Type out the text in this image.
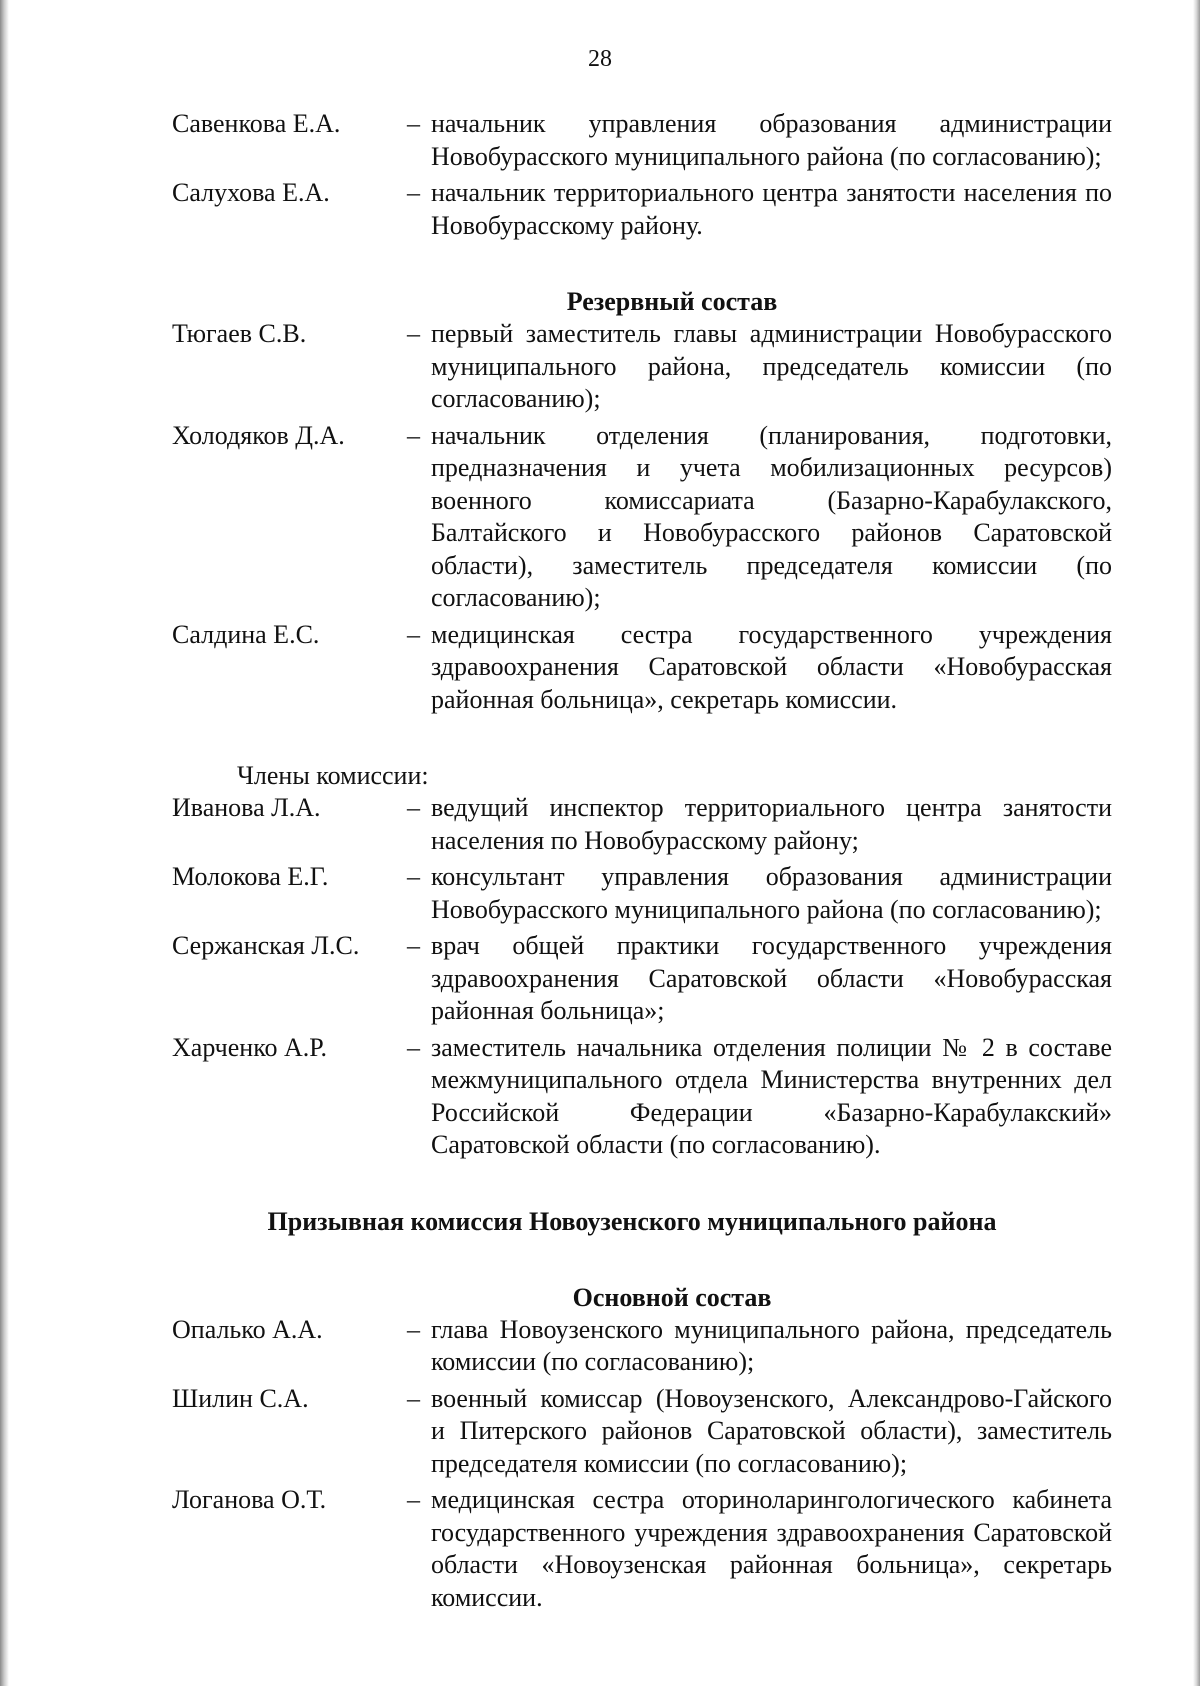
28
Савенкова Е.А.	– начальник управления образования администрации Новобурасского муниципального района (по согласованию);
Салухова Е.А.	– начальник территориального центра занятости населения по Новобурасскому району.
Резервный состав
Тюгаев С.В.	– первый заместитель главы администрации Новобурасского муниципального района, председатель комиссии (по согласованию);
Холодяков Д.А.	– начальник отделения (планирования, подготовки, предназначения и учета мобилизационных ресурсов) военного комиссариата (Базарно-Карабулакского, Балтайского и Новобурасского районов Саратовской области), заместитель председателя комиссии (по согласованию);
Салдина Е.С.	– медицинская сестра государственного учреждения здравоохранения Саратовской области «Новобурасская районная больница», секретарь комиссии.
Члены комиссии:
Иванова Л.А.	– ведущий инспектор территориального центра занятости населения по Новобурасскому району;
Молокова Е.Г.	– консультант управления образования администрации Новобурасского муниципального района (по согласованию);
Сержанская Л.С.	– врач общей практики государственного учреждения здравоохранения Саратовской области «Новобурасская районная больница»;
Харченко А.Р.	– заместитель начальника отделения полиции № 2 в составе межмуниципального отдела Министерства внутренних дел Российской Федерации «Базарно-Карабулакский» Саратовской области (по согласованию).
Призывная комиссия Новоузенского муниципального района
Основной состав
Опалько А.А.	– глава Новоузенского муниципального района, председатель комиссии (по согласованию);
Шилин С.А.	– военный комиссар (Новоузенского, Александрово-Гайского и Питерского районов Саратовской области), заместитель председателя комиссии (по согласованию);
Логанова О.Т.	– медицинская сестра оториноларингологического кабинета государственного учреждения здравоохранения Саратовской области «Новоузенская районная больница», секретарь комиссии.
